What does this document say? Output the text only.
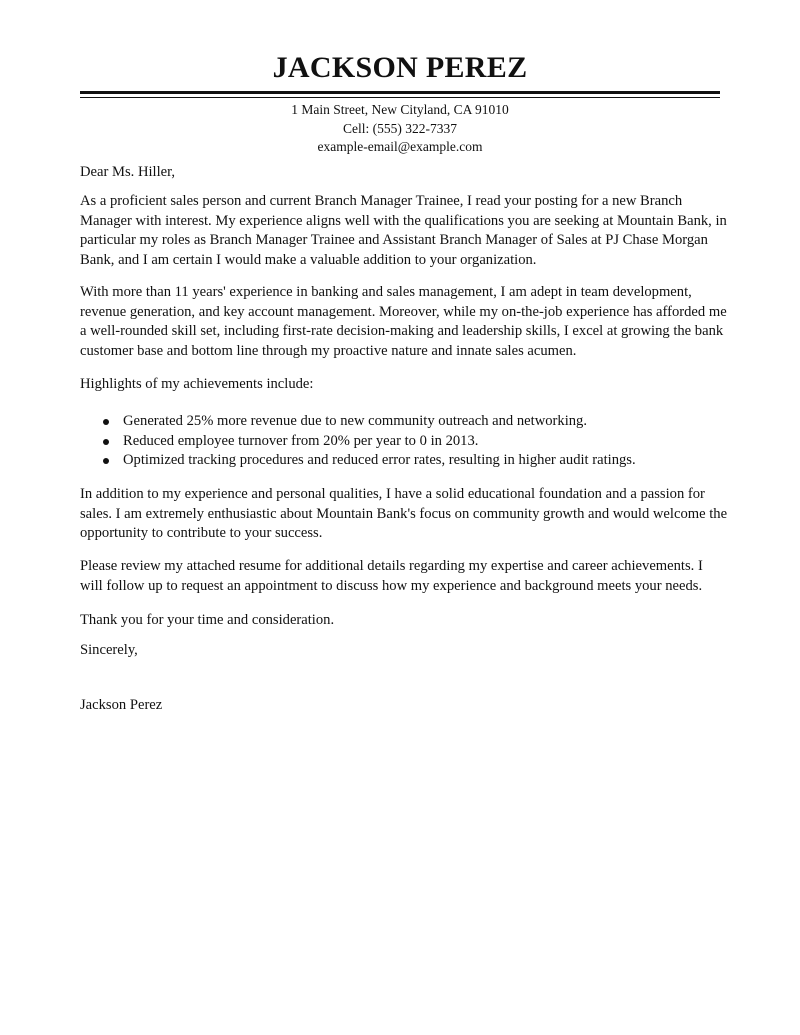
JACKSON PEREZ
1 Main Street, New Cityland, CA 91010
Cell: (555) 322-7337
example-email@example.com
Dear Ms. Hiller,
As a proficient sales person and current Branch Manager Trainee, I read your posting for a new Branch Manager with interest. My experience aligns well with the qualifications you are seeking at Mountain Bank, in particular my roles as Branch Manager Trainee and Assistant Branch Manager of Sales at PJ Chase Morgan Bank, and I am certain I would make a valuable addition to your organization.
With more than 11 years' experience in banking and sales management, I am adept in team development, revenue generation, and key account management. Moreover, while my on-the-job experience has afforded me a well-rounded skill set, including first-rate decision-making and leadership skills, I excel at growing the bank customer base and bottom line through my proactive nature and innate sales acumen.
Highlights of my achievements include:
Generated 25% more revenue due to new community outreach and networking.
Reduced employee turnover from 20% per year to 0 in 2013.
Optimized tracking procedures and reduced error rates, resulting in higher audit ratings.
In addition to my experience and personal qualities, I have a solid educational foundation and a passion for sales. I am extremely enthusiastic about Mountain Bank's focus on community growth and would welcome the opportunity to contribute to your success.
Please review my attached resume for additional details regarding my expertise and career achievements. I will follow up to request an appointment to discuss how my experience and background meets your needs.
Thank you for your time and consideration.
Sincerely,
Jackson Perez
